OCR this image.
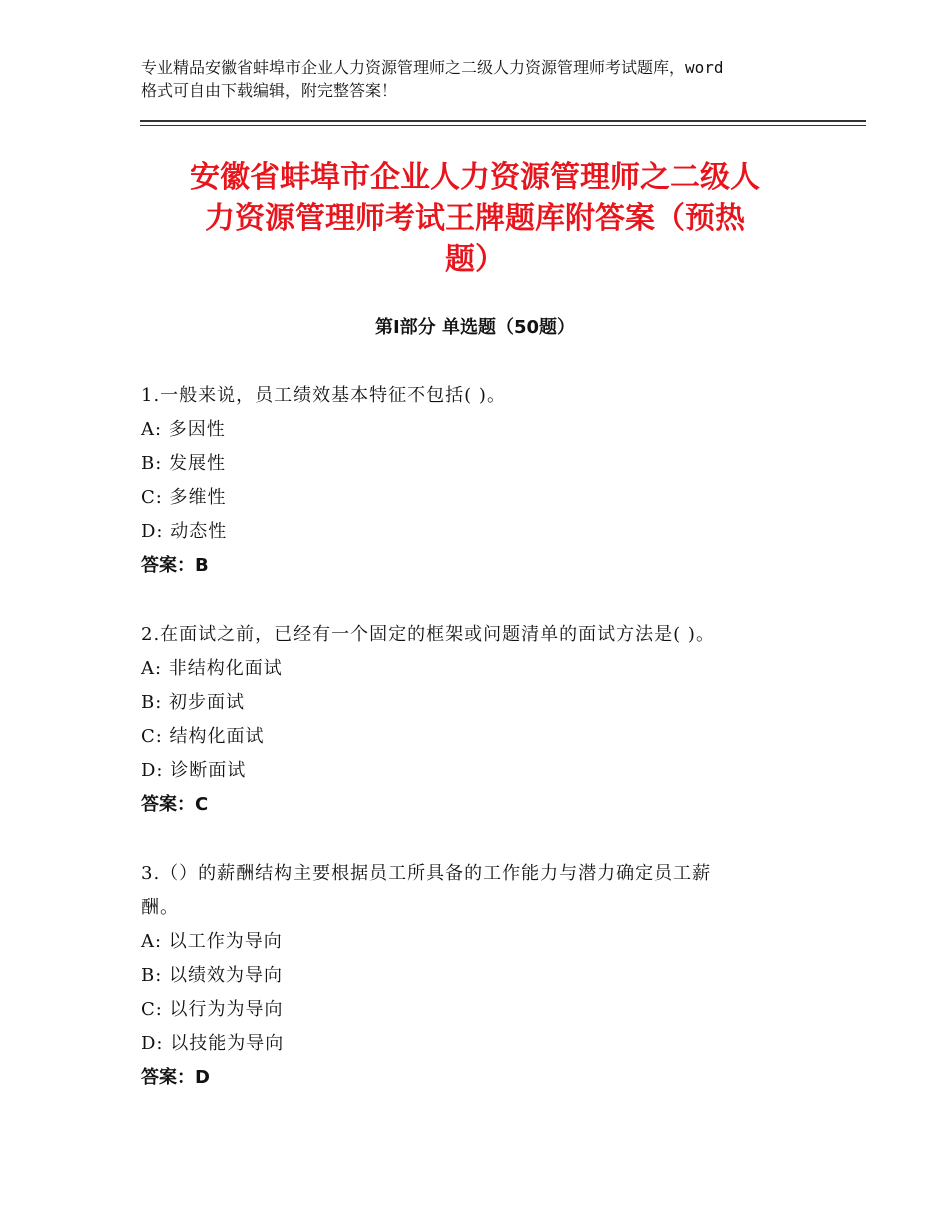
专业精品安徽省蚌埠市企业人力资源管理师之二级人力资源管理师考试题库，word
格式可自由下载编辑，附完整答案！
安徽省蚌埠市企业人力资源管理师之二级人
力资源管理师考试王牌题库附答案（预热
题）
第Ⅰ部分 单选题（50题）
1.一般来说，员工绩效基本特征不包括( )。
A: 多因性
B: 发展性
C: 多维性
D: 动态性
答案：B
2.在面试之前，已经有一个固定的框架或问题清单的面试方法是( )。
A: 非结构化面试
B: 初步面试
C: 结构化面试
D: 诊断面试
答案：C
3.（）的薪酬结构主要根据员工所具备的工作能力与潜力确定员工薪
酬。
A: 以工作为导向
B: 以绩效为导向
C: 以行为为导向
D: 以技能为导向
答案：D
